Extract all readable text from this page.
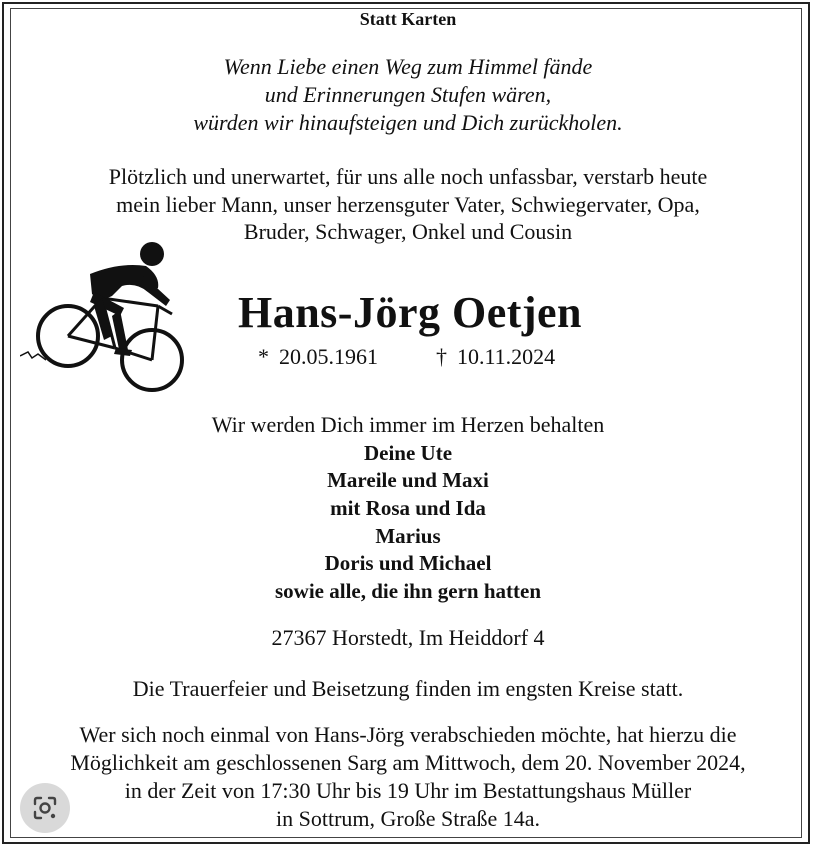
Statt Karten
Wenn Liebe einen Weg zum Himmel fände
und Erinnerungen Stufen wären,
würden wir hinaufsteigen und Dich zurückholen.
Plötzlich und unerwartet, für uns alle noch unfassbar, verstarb heute
mein lieber Mann, unser herzensguter Vater, Schwiegervater, Opa,
Bruder, Schwager, Onkel und Cousin
Hans-Jörg Oetjen
* 20.05.1961	† 10.11.2024
Wir werden Dich immer im Herzen behalten
Deine Ute
Mareile und Maxi
mit Rosa und Ida
Marius
Doris und Michael
sowie alle, die ihn gern hatten
27367 Horstedt, Im Heiddorf 4
Die Trauerfeier und Beisetzung finden im engsten Kreise statt.
Wer sich noch einmal von Hans-Jörg verabschieden möchte, hat hierzu die
Möglichkeit am geschlossenen Sarg am Mittwoch, dem 20. November 2024,
in der Zeit von 17:30 Uhr bis 19 Uhr im Bestattungshaus Müller
in Sottrum, Große Straße 14a.
